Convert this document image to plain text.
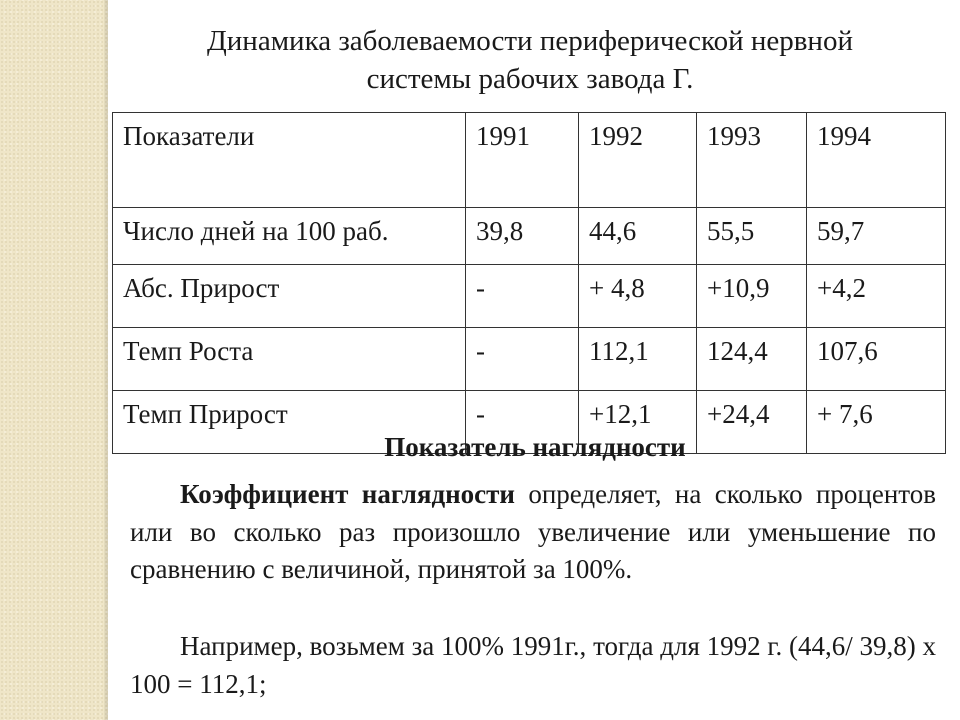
Динамика заболеваемости периферической нервной
системы рабочих завода Г.
Показатели	1991	1992	1993	1994
Число дней на 100 раб.	39,8	44,6	55,5	59,7
Абс. Прирост	-	+ 4,8	+10,9	+4,2
Темп Роста	-	112,1	124,4	107,6
Темп Прирост	-	+12,1	+24,4	+ 7,6
Показатель наглядности

Коэффициент наглядности определяет, на сколько процентов или во сколько раз произошло увеличение или уменьшение по сравнению с величиной, принятой за 100%.

Например, возьмем за 100% 1991г., тогда для 1992 г. (44,6/ 39,8) х 100 = 112,1;
